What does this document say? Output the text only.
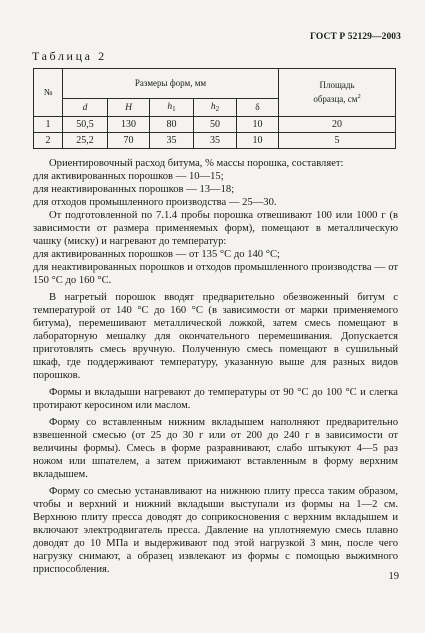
ГОСТ Р 52129—2003
Таблица 2
№	Размеры форм, мм					Площадь
образца, $см^2$
	d	H	$h_1$	$h_2$	δ	
1	50,5	130	80	50	10	20
2	25,2	70	35	35	10	5

Ориентировочный расход битума, % массы порошка, составляет:

для активированных порошков — 10—15;

для неактивированных порошков — 13—18;

для отходов промышленного производства — 25—30.

От подготовленной по 7.1.4 пробы порошка отвешивают 100 или 1000 г (в зависимости от размера применяемых форм), помещают в металлическую чашку (миску) и нагревают до температур:

для активированных порошков — от 135 °С до 140 °С;

для неактивированных порошков и отходов промышленного производства — от 150 °С до 160 °С.

В нагретый порошок вводят предварительно обезвоженный битум с температурой от 140 °С до 160 °С (в зависимости от марки применяемого битума), перемешивают металлической ложкой, затем смесь помещают в лабораторную мешалку для окончательного перемешивания. Допускается приготовлять смесь вручную. Полученную смесь помещают в сушильный шкаф, где поддерживают температуру, указанную выше для разных видов порошков.

Формы и вкладыши нагревают до температуры от 90 °С до 100 °С и слегка протирают керосином или маслом.

Форму со вставленным нижним вкладышем наполняют предварительно взвешенной смесью (от 25 до 30 г или от 200 до 240 г в зависимости от величины формы). Смесь в форме разравнивают, слабо штыкуют 4—5 раз ножом или шпателем, а затем прижимают вставленным в форму верхним вкладышем.

Форму со смесью устанавливают на нижнюю плиту пресса таким образом, чтобы и верхний и нижний вкладыши выступали из формы на 1—2 см. Верхнюю плиту пресса доводят до соприкосновения с верхним вкладышем и включают электродвигатель пресса. Давление на уплотняемую смесь плавно доводят до 10 МПа и выдерживают под этой нагрузкой 3 мин, после чего нагрузку снимают, а образец извлекают из формы с помощью выжимного приспособления.

19
